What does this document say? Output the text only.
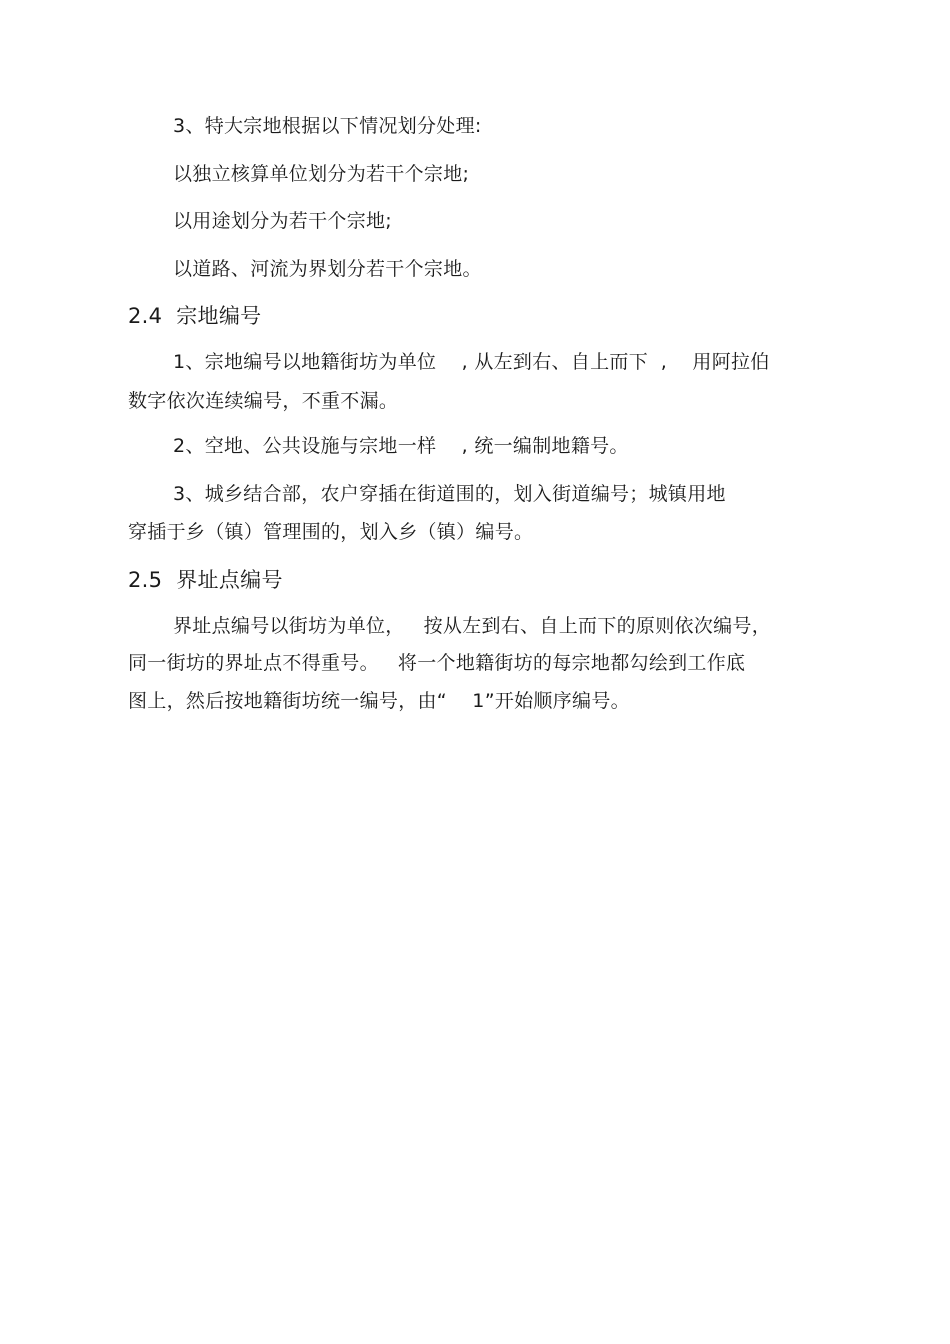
3、特大宗地根据以下情况划分处理:
以独立核算单位划分为若干个宗地;
以用途划分为若干个宗地;
以道路、河流为界划分若干个宗地。
2.4  宗地编号
1、宗地编号以地籍街坊为单位    , 从左到右、自上而下  ,    用阿拉伯
数字依次连续编号，不重不漏。
2、空地、公共设施与宗地一样    , 统一编制地籍号。
3、城乡结合部，农户穿插在街道围的，划入街道编号；城镇用地
穿插于乡（镇）管理围的，划入乡（镇）编号。
2.5  界址点编号
界址点编号以街坊为单位，   按从左到右、自上而下的原则依次编号，
同一街坊的界址点不得重号。   将一个地籍街坊的每宗地都勾绘到工作底
图上，然后按地籍街坊统一编号，由“    1”开始顺序编号。
